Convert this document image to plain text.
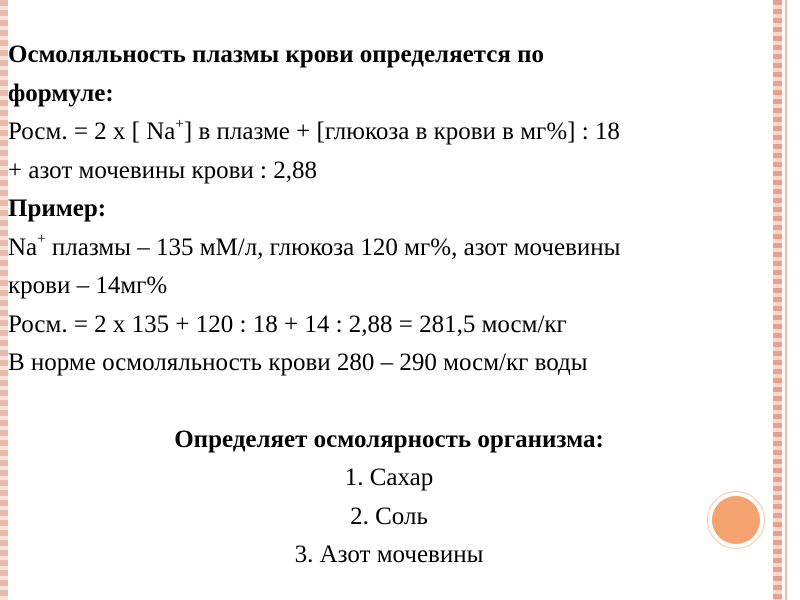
Осмоляльность плазмы крови определяется по
формуле:
Росм. = 2 х [ Na+] в плазме + [глюкоза в крови в мг%] : 18
+ азот мочевины крови : 2,88
Пример:
Na+ плазмы – 135 мМ/л, глюкоза 120 мг%, азот мочевины
крови – 14мг%
Росм. = 2 х 135 + 120 : 18 + 14 : 2,88 = 281,5 мосм/кг
В норме осмоляльность крови 280 – 290 мосм/кг воды
Определяет осмолярность организма:
1. Сахар
2. Соль
3. Азот мочевины
